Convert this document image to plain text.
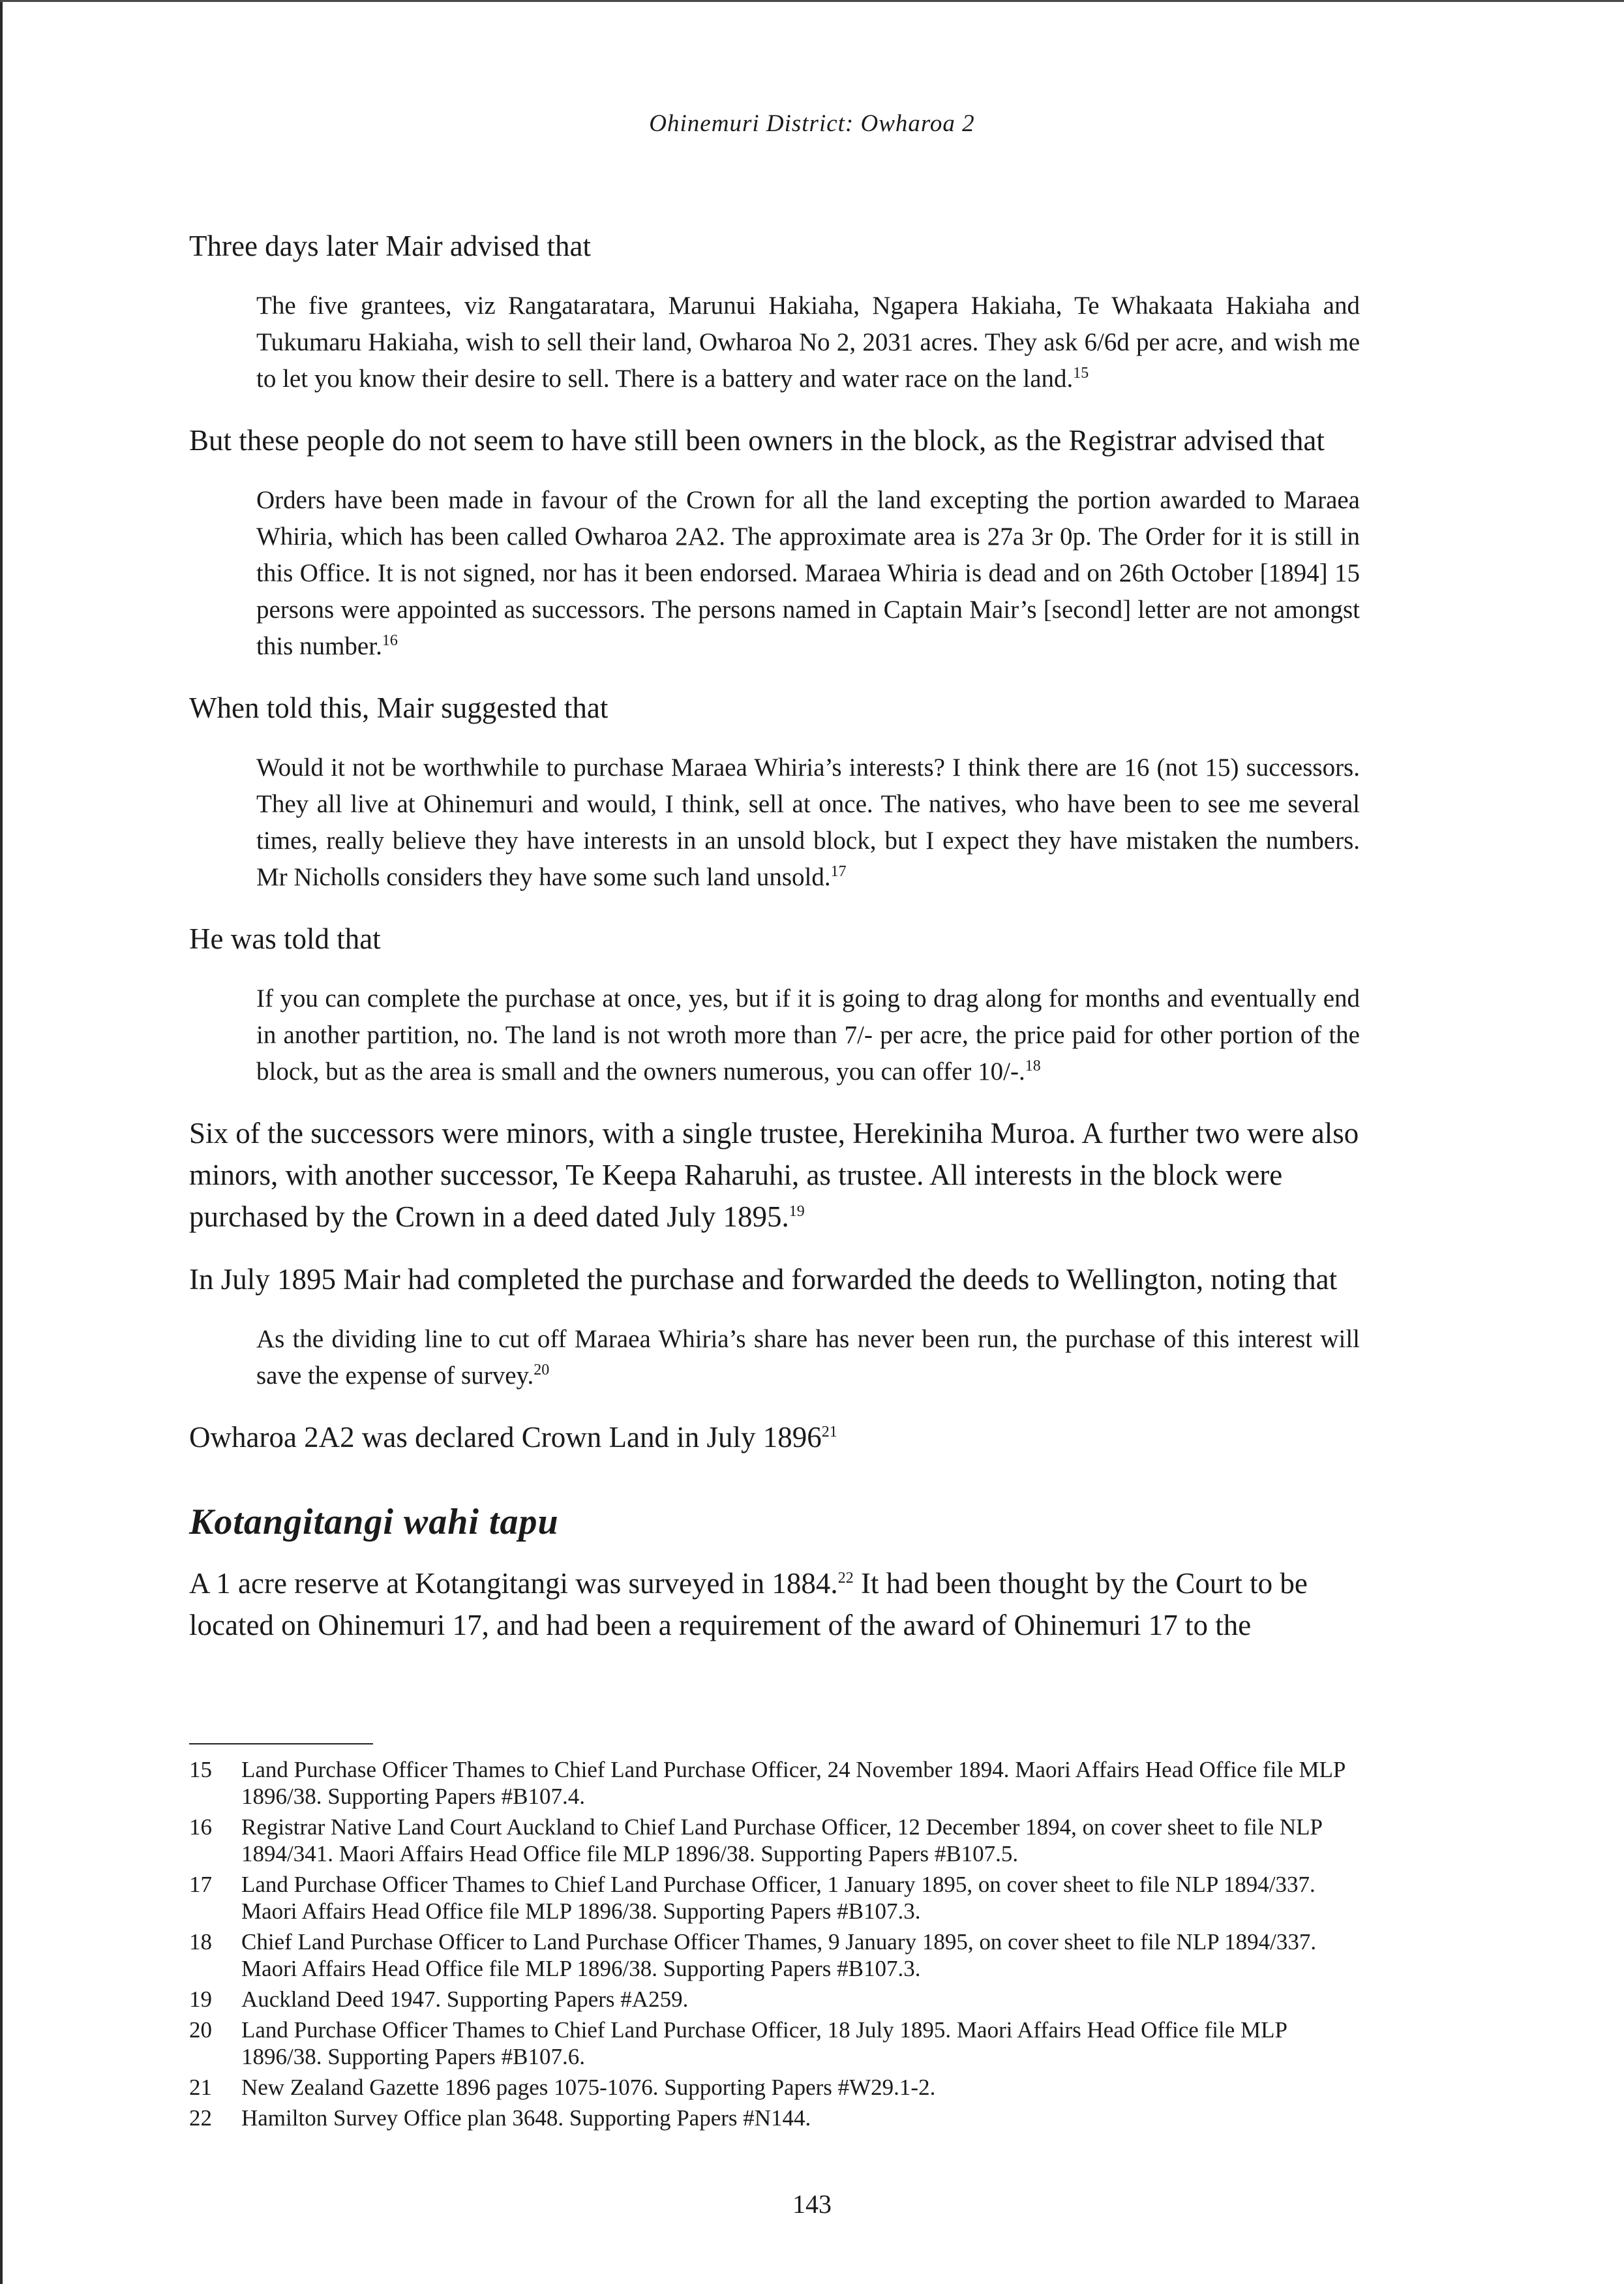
Ohinemuri District: Owharoa 2

Three days later Mair advised that

The five grantees, viz Rangataratara, Marunui Hakiaha, Ngapera Hakiaha, Te Whakaata Hakiaha and Tukumaru Hakiaha, wish to sell their land, Owharoa No 2, 2031 acres. They ask 6/6d per acre, and wish me to let you know their desire to sell. There is a battery and water race on the land.$^{15}$

But these people do not seem to have still been owners in the block, as the Registrar advised that

Orders have been made in favour of the Crown for all the land excepting the portion awarded to Maraea Whiria, which has been called Owharoa 2A2. The approximate area is 27a 3r 0p. The Order for it is still in this Office. It is not signed, nor has it been endorsed. Maraea Whiria is dead and on 26th October [1894] 15 persons were appointed as successors. The persons named in Captain Mair’s [second] letter are not amongst this number.$^{16}$

When told this, Mair suggested that

Would it not be worthwhile to purchase Maraea Whiria’s interests? I think there are 16 (not 15) successors. They all live at Ohinemuri and would, I think, sell at once. The natives, who have been to see me several times, really believe they have interests in an unsold block, but I expect they have mistaken the numbers. Mr Nicholls considers they have some such land unsold.$^{17}$

He was told that

If you can complete the purchase at once, yes, but if it is going to drag along for months and eventually end in another partition, no. The land is not wroth more than 7/- per acre, the price paid for other portion of the block, but as the area is small and the owners numerous, you can offer 10/-.$^{18}$

Six of the successors were minors, with a single trustee, Herekiniha Muroa. A further two were also minors, with another successor, Te Keepa Raharuhi, as trustee. All interests in the block were purchased by the Crown in a deed dated July 1895.19

In July 1895 Mair had completed the purchase and forwarded the deeds to Wellington, noting that

As the dividing line to cut off Maraea Whiria’s share has never been run, the purchase of this interest will save the expense of survey.$^{20}$

Owharoa 2A2 was declared Crown Land in July 1896$^{21}$

Kotangitangi wahi tapu

A 1 acre reserve at Kotangitangi was surveyed in 1884.22 It had been thought by the Court to be located on Ohinemuri 17, and had been a requirement of the award of Ohinemuri 17 to the

15	Land Purchase Officer Thames to Chief Land Purchase Officer, 24 November 1894. Maori Affairs Head Office file MLP 1896/38. Supporting Papers #B107.4.
16	Registrar Native Land Court Auckland to Chief Land Purchase Officer, 12 December 1894, on cover sheet to file NLP 1894/341. Maori Affairs Head Office file MLP 1896/38. Supporting Papers #B107.5.
17	Land Purchase Officer Thames to Chief Land Purchase Officer, 1 January 1895, on cover sheet to file NLP 1894/337. Maori Affairs Head Office file MLP 1896/38. Supporting Papers #B107.3.
18	Chief Land Purchase Officer to Land Purchase Officer Thames, 9 January 1895, on cover sheet to file NLP 1894/337. Maori Affairs Head Office file MLP 1896/38. Supporting Papers #B107.3.
19	Auckland Deed 1947. Supporting Papers #A259.
20	Land Purchase Officer Thames to Chief Land Purchase Officer, 18 July 1895. Maori Affairs Head Office file MLP 1896/38. Supporting Papers #B107.6.
21	New Zealand Gazette 1896 pages 1075-1076. Supporting Papers #W29.1-2.
22	Hamilton Survey Office plan 3648. Supporting Papers #N144.
143
